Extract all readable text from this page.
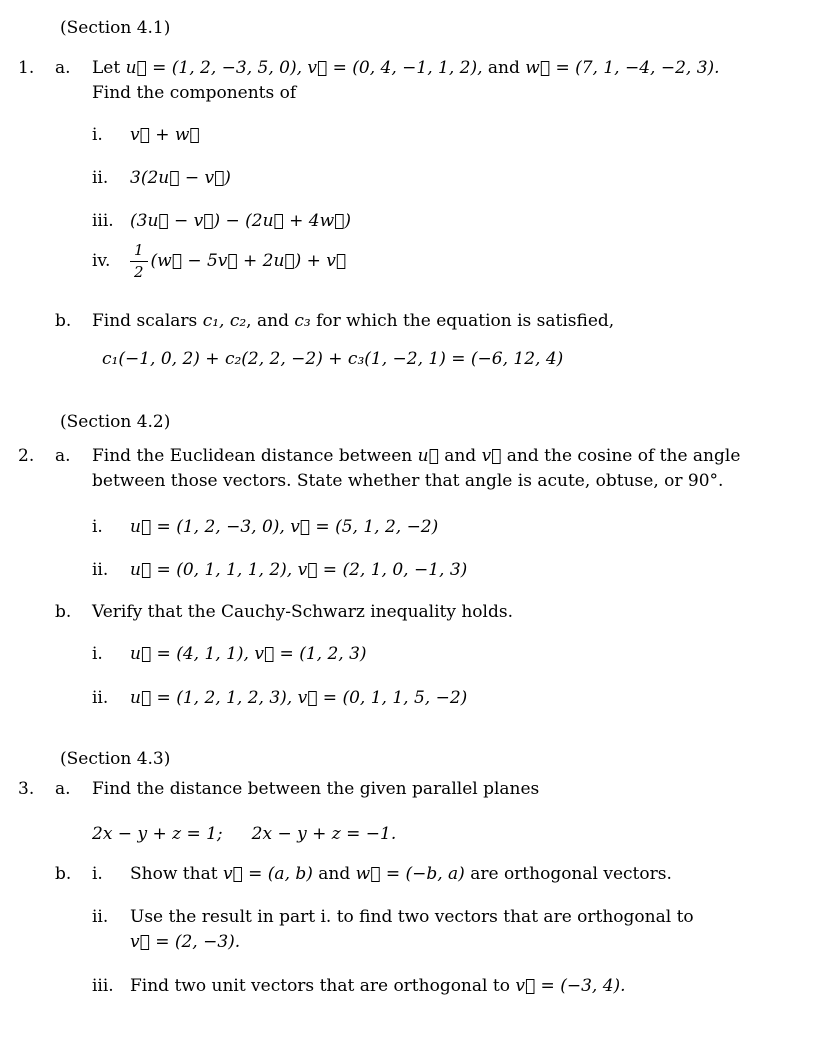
(Section 4.1)
1.	a.	Let u⃗ = (1, 2, −3, 5, 0), v⃗ = (0, 4, −1, 1, 2), and w⃗ = (7, 1, −4, −2, 3).
Find the components of
i.	v⃗ + w⃗
ii.	3(2u⃗ − v⃗)
iii. (3u⃗ − v⃗) − (2u⃗ + 4w⃗)
iv.	$\frac{1}{2}$ (w⃗ − 5v⃗ + 2u⃗) + v⃗
b.	Find scalars c₁, c₂, and c₃ for which the equation is satisfied,
c₁(−1, 0, 2) + c₂(2, 2, −2) + c₃(1, −2, 1) = (−6, 12, 4)
(Section 4.2)
2.	a.	Find the Euclidean distance between u⃗ and v⃗ and the cosine of the angle
between those vectors. State whether that angle is acute, obtuse, or 90°.
i.	u⃗ = (1, 2, −3, 0), v⃗ = (5, 1, 2, −2)
ii.	u⃗ = (0, 1, 1, 1, 2), v⃗ = (2, 1, 0, −1, 3)
b.	Verify that the Cauchy-Schwarz inequality holds.
i.	u⃗ = (4, 1, 1), v⃗ = (1, 2, 3)
ii.	u⃗ = (1, 2, 1, 2, 3), v⃗ = (0, 1, 1, 5, −2)
(Section 4.3)
3.	a.	Find the distance between the given parallel planes
2x − y + z = 1; 2x − y + z = −1.
b.	i.	Show that v⃗ = (a, b) and w⃗ = (−b, a) are orthogonal vectors.
ii.	Use the result in part i. to find two vectors that are orthogonal to
v⃗ = (2, −3).
iii. Find two unit vectors that are orthogonal to v⃗ = (−3, 4).
